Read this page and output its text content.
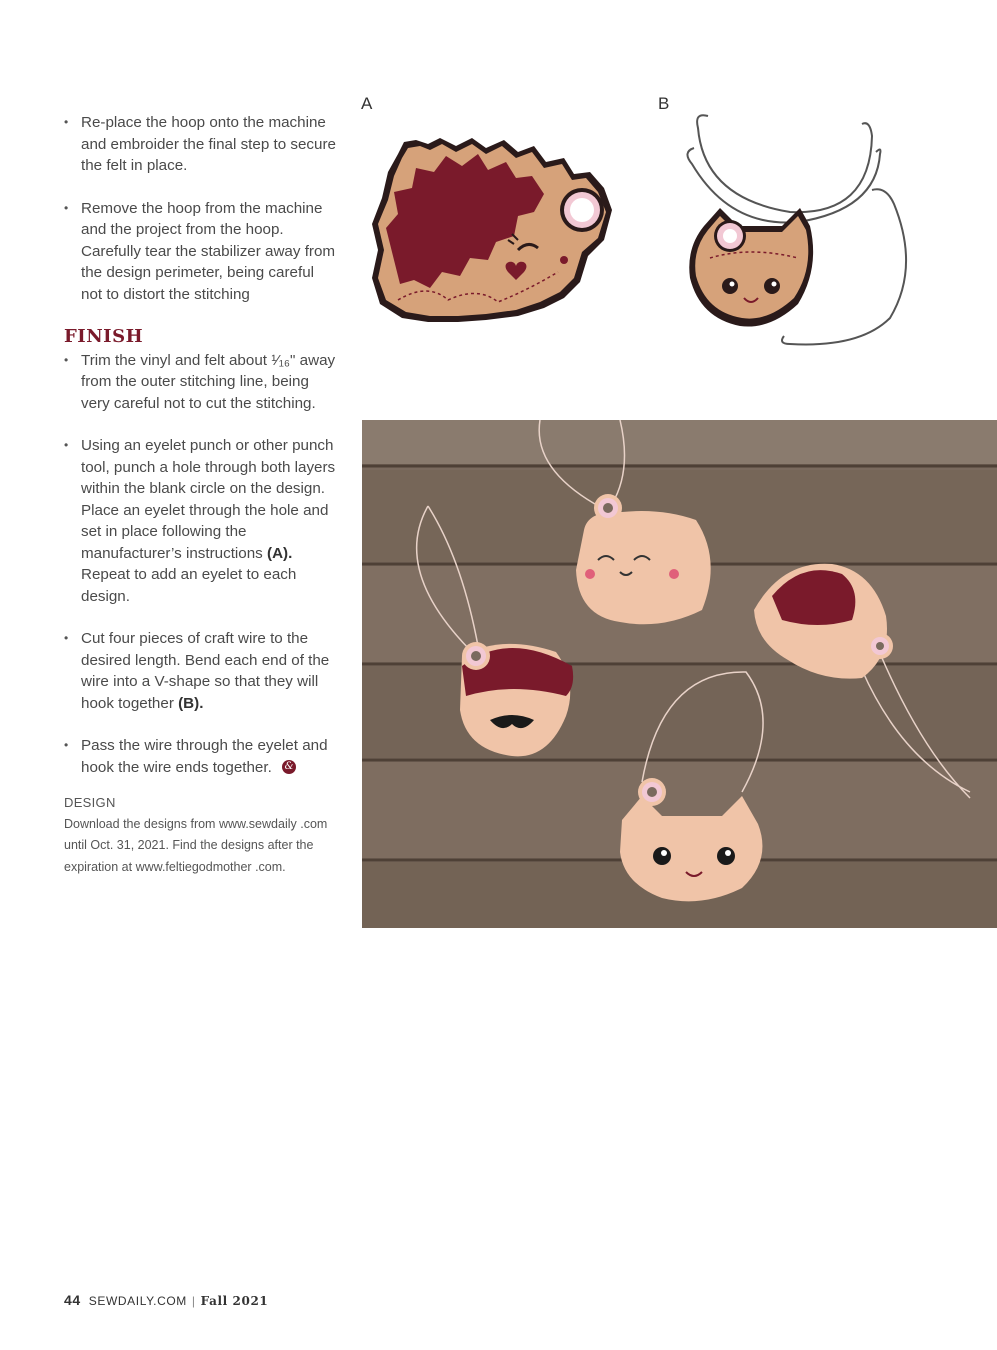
• Re-place the hoop onto the machine and embroider the final step to secure the felt in place.
• Remove the hoop from the machine and the project from the hoop. Carefully tear the stabilizer away from the design perimeter, being careful not to distort the stitching
FINISH
• Trim the vinyl and felt about ¹⁄₁₆" away from the outer stitching line, being very careful not to cut the stitching.
• Using an eyelet punch or other punch tool, punch a hole through both layers within the blank circle on the design. Place an eyelet through the hole and set in place following the manufacturer’s instructions (A). Repeat to add an eyelet to each design.
• Cut four pieces of craft wire to the desired length. Bend each end of the wire into a V-shape so that they will hook together (B).
• Pass the wire through the eyelet and hook the wire ends together. &
DESIGN
Download the designs from www.sewdaily .com until Oct. 31, 2021. Find the designs after the expiration at www.feltiegodmother .com.
A	B
44 SEWDAILY.COM | Fall 2021
